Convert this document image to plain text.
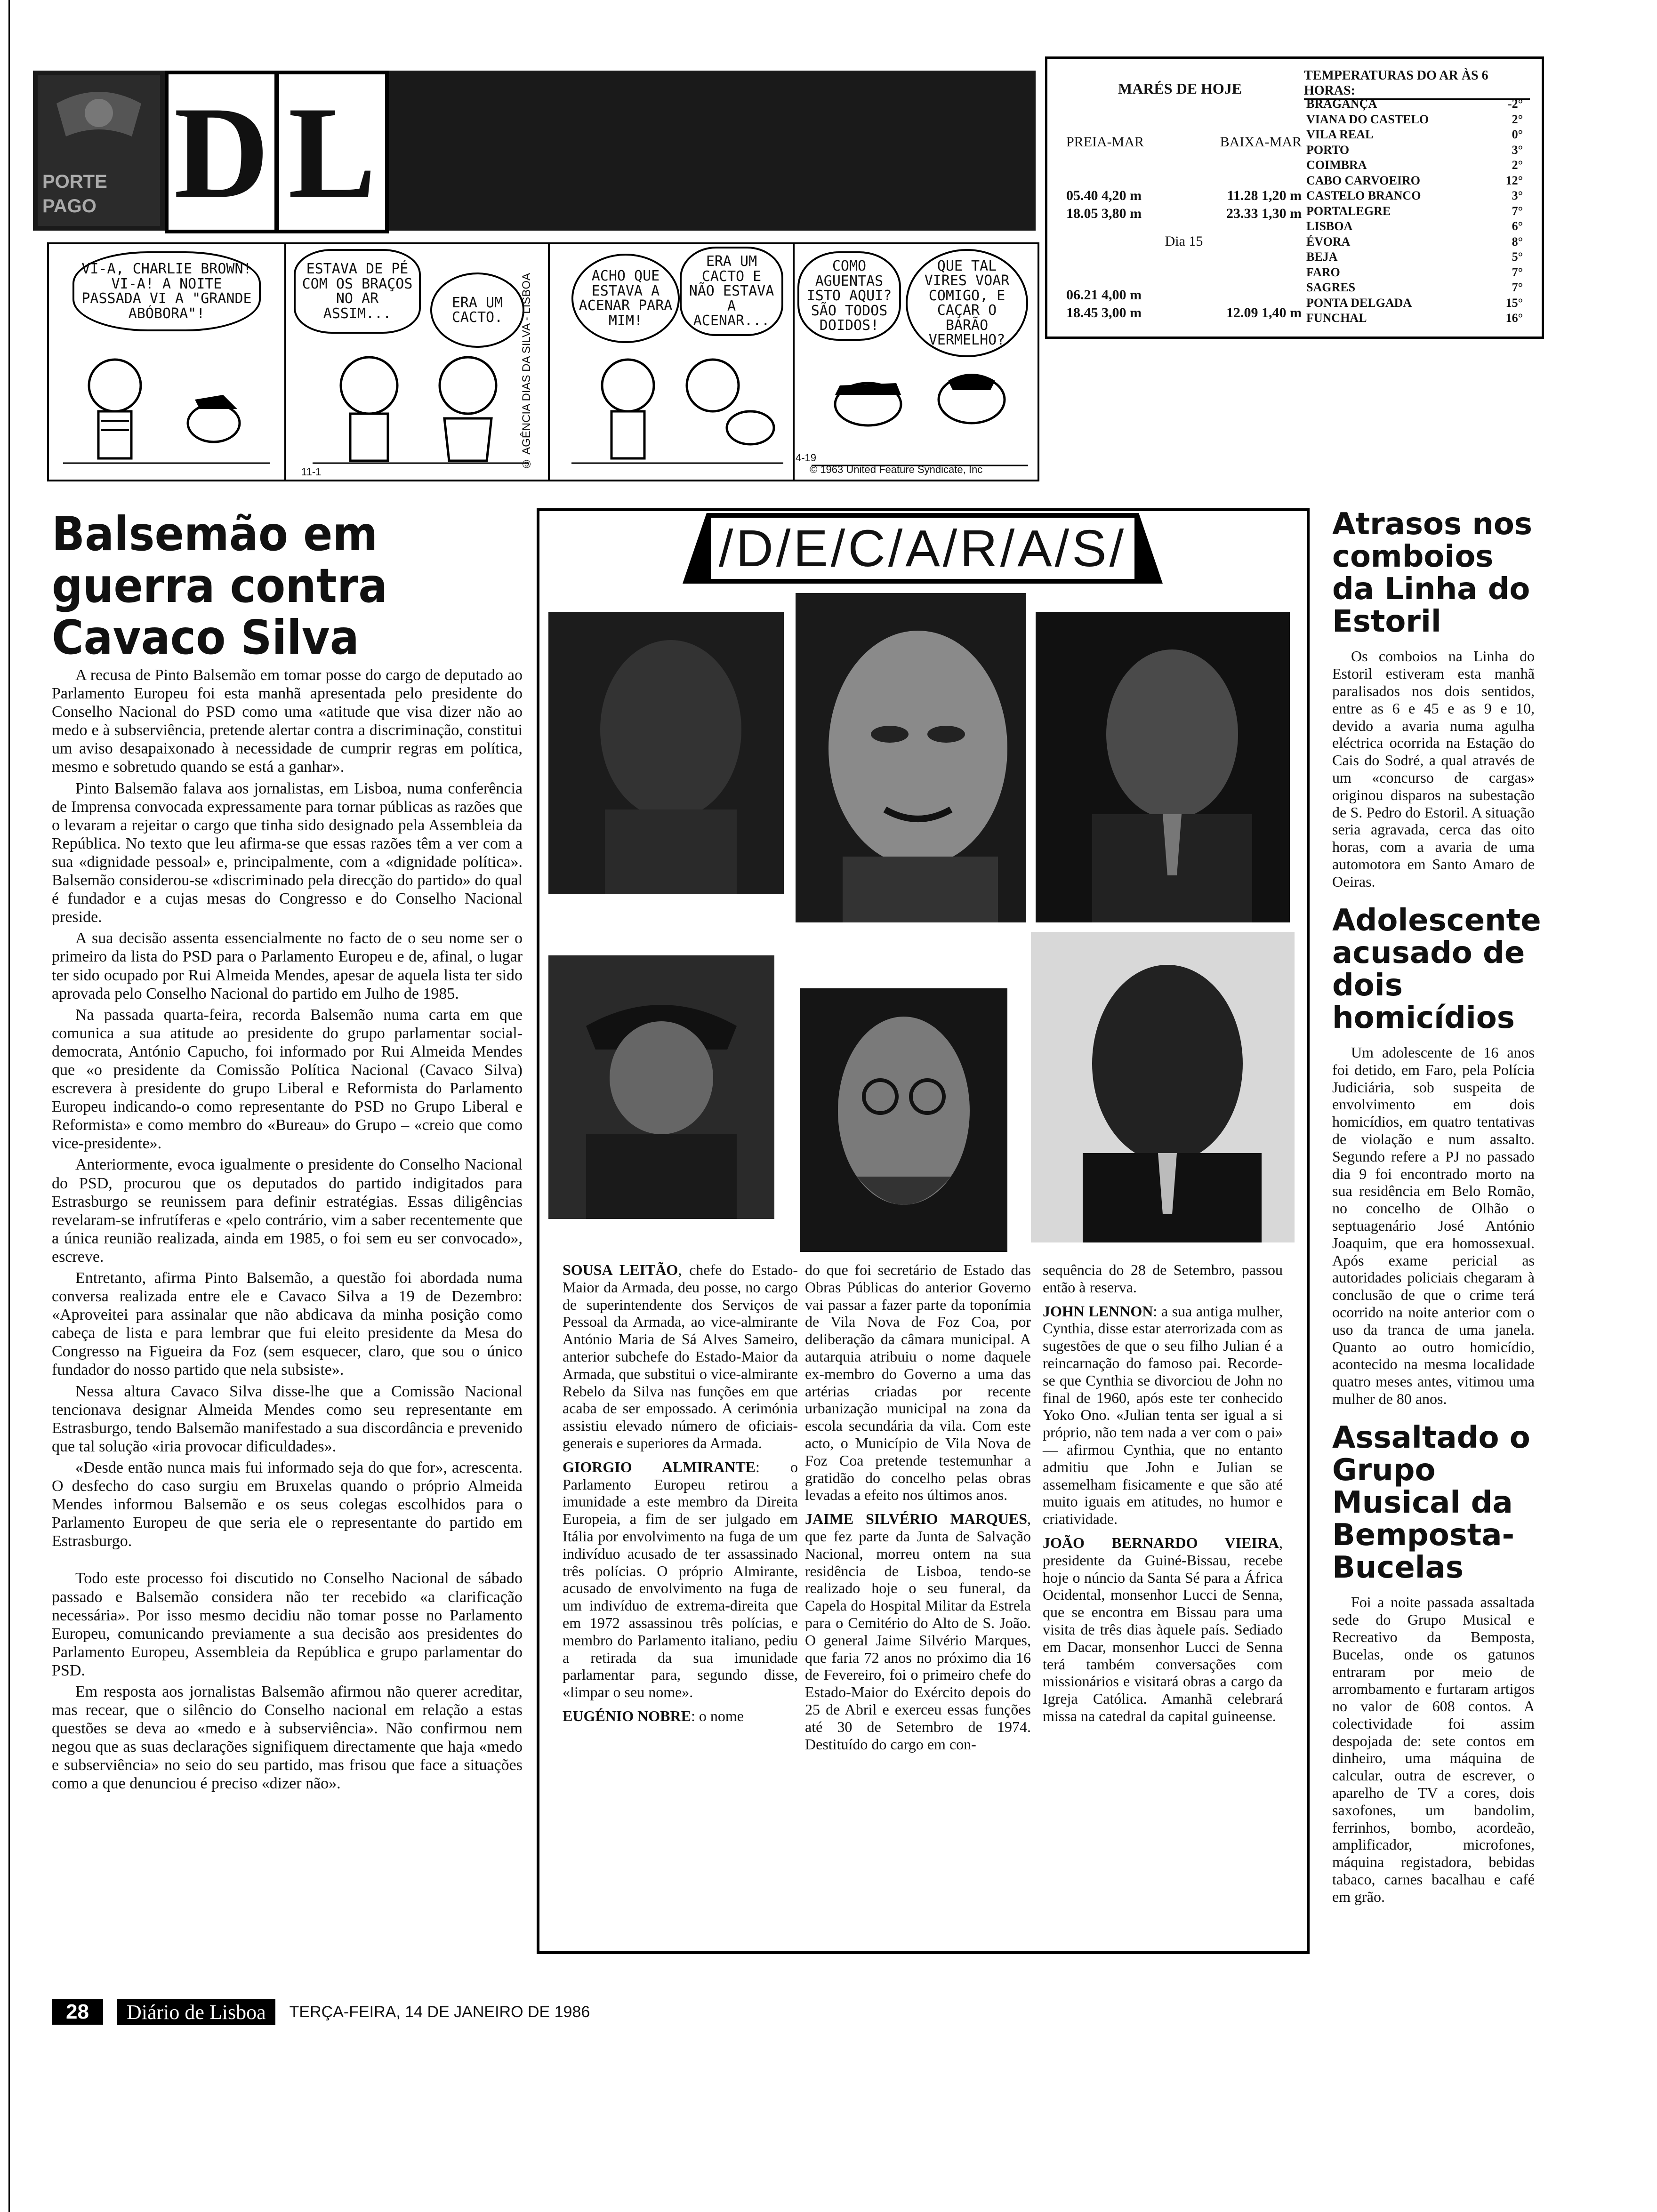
PORTE
PAGO D L
VI-A, CHARLIE BROWN! VI-A! A NOITE PASSADA VI A "GRANDE ABÓBORA"!
ESTAVA DE PÉ COM OS BRAÇOS NO AR ASSIM...
ERA UM CACTO.
ACHO QUE ESTAVA A ACENAR PARA MIM!
ERA UM CACTO E NÃO ESTAVA A ACENAR...
COMO AGUENTAS ISTO AQUI? SÃO TODOS DOIDOS!
QUE TAL VIRES VOAR COMIGO, E CAÇAR O BARÃO VERMELHO?
© AGÊNCIA DIAS DA SILVA - LISBOA	© 1963 United Feature Syndicate, Inc
11-1
4-19
MARÉS DE HOJE
PREIA-MAR	BAIXA-MAR
05.40 4,20 m	11.28 1,20 m
18.05 3,80 m	23.33 1,30 m
Dia 15
06.21 4,00 m
18.45 3,00 m	12.09 1,40 m
TEMPERATURAS DO AR ÀS 6 HORAS:
BRAGANÇA	-2°
VIANA DO CASTELO	2°
VILA REAL	0°
PORTO	3°
COIMBRA	2°
CABO CARVOEIRO	12°
CASTELO BRANCO	3°
PORTALEGRE	7°
LISBOA	6°
ÉVORA	8°
BEJA	5°
FARO	7°
SAGRES	7°
PONTA DELGADA	15°
FUNCHAL	16°
Balsemão em guerra contra Cavaco Silva

A recusa de Pinto Balsemão em tomar posse do cargo de deputado ao Parlamento Europeu foi esta manhã apresentada pelo presidente do Conselho Nacional do PSD como uma «atitude que visa dizer não ao medo e à subserviência, pretende alertar contra a discriminação, constitui um aviso desapaixonado à necessidade de cumprir regras em política, mesmo e sobretudo quando se está a ganhar».

Pinto Balsemão falava aos jornalistas, em Lisboa, numa conferência de Imprensa convocada expressamente para tornar públicas as razões que o levaram a rejeitar o cargo que tinha sido designado pela Assembleia da República. No texto que leu afirma-se que essas razões têm a ver com a sua «dignidade pessoal» e, principalmente, com a «dignidade política». Balsemão considerou-se «discriminado pela direcção do partido» do qual é fundador e a cujas mesas do Congresso e do Conselho Nacional preside.

A sua decisão assenta essencialmente no facto de o seu nome ser o primeiro da lista do PSD para o Parlamento Europeu e de, afinal, o lugar ter sido ocupado por Rui Almeida Mendes, apesar de aquela lista ter sido aprovada pelo Conselho Nacional do partido em Julho de 1985.

Na passada quarta-feira, recorda Balsemão numa carta em que comunica a sua atitude ao presidente do grupo parlamentar social-democrata, António Capucho, foi informado por Rui Almeida Mendes que «o presidente da Comissão Política Nacional (Cavaco Silva) escrevera à presidente do grupo Liberal e Reformista do Parlamento Europeu indicando-o como representante do PSD no Grupo Liberal e Reformista» e como membro do «Bureau» do Grupo – «creio que como vice-presidente».

Anteriormente, evoca igualmente o presidente do Conselho Nacional do PSD, procurou que os deputados do partido indigitados para Estrasburgo se reunissem para definir estratégias. Essas diligências revelaram-se infrutíferas e «pelo contrário, vim a saber recentemente que a única reunião realizada, ainda em 1985, o foi sem eu ser convocado», escreve.

Entretanto, afirma Pinto Balsemão, a questão foi abordada numa conversa realizada entre ele e Cavaco Silva a 19 de Dezembro: «Aproveitei para assinalar que não abdicava da minha posição como cabeça de lista e para lembrar que fui eleito presidente da Mesa do Congresso na Figueira da Foz (sem esquecer, claro, que sou o único fundador do nosso partido que nela subsiste».

Nessa altura Cavaco Silva disse-lhe que a Comissão Nacional tencionava designar Almeida Mendes como seu representante em Estrasburgo, tendo Balsemão manifestado a sua discordância e prevenido que tal solução «iria provocar dificuldades».

«Desde então nunca mais fui informado seja do que for», acrescenta. O desfecho do caso surgiu em Bruxelas quando o próprio Almeida Mendes informou Balsemão e os seus colegas escolhidos para o Parlamento Europeu de que seria ele o representante do partido em Estrasburgo.

Todo este processo foi discutido no Conselho Nacional de sábado passado e Balsemão considera não ter recebido «a clarificação necessária». Por isso mesmo decidiu não tomar posse no Parlamento Europeu, comunicando previamente a sua decisão aos presidentes do Parlamento Europeu, Assembleia da República e grupo parlamentar do PSD.

Em resposta aos jornalistas Balsemão afirmou não querer acreditar, mas recear, que o silêncio do Conselho nacional em relação a estas questões se deva ao «medo e à subserviência». Não confirmou nem negou que as suas declarações signifiquem directamente que haja «medo e subserviência» no seio do seu partido, mas frisou que face a situações como a que denunciou é preciso «dizer não».

/D/E/C/A/R/A/S/

SOUSA LEITÃO, chefe do Estado-Maior da Armada, deu posse, no cargo de superintendente dos Serviços de Pessoal da Armada, ao vice-almirante António Maria de Sá Alves Sameiro, anterior subchefe do Estado-Maior da Armada, que substitui o vice-almirante Rebelo da Silva nas funções em que acaba de ser empossado. A cerimónia assistiu elevado número de oficiais-generais e superiores da Armada.

GIORGIO ALMIRANTE: o Parlamento Europeu retirou a imunidade a este membro da Direita Europeia, a fim de ser julgado em Itália por envolvimento na fuga de um indivíduo acusado de ter assassinado três polícias. O próprio Almirante, acusado de envolvimento na fuga de um indivíduo de extrema-direita que em 1972 assassinou três polícias, e membro do Parlamento italiano, pediu a retirada da sua imunidade parlamentar para, segundo disse, «limpar o seu nome».

EUGÉNIO NOBRE: o nome

do que foi secretário de Estado das Obras Públicas do anterior Governo vai passar a fazer parte da toponímia de Vila Nova de Foz Coa, por deliberação da câmara municipal. A autarquia atribuiu o nome daquele ex-membro do Governo a uma das artérias criadas por recente urbanização municipal na zona da escola secundária da vila. Com este acto, o Município de Vila Nova de Foz Coa pretende testemunhar a gratidão do concelho pelas obras levadas a efeito nos últimos anos.

JAIME SILVÉRIO MARQUES, que fez parte da Junta de Salvação Nacional, morreu ontem na sua residência de Lisboa, tendo-se realizado hoje o seu funeral, da Capela do Hospital Militar da Estrela para o Cemitério do Alto de S. João. O general Jaime Silvério Marques, que faria 72 anos no próximo dia 16 de Fevereiro, foi o primeiro chefe do Estado-Maior do Exército depois do 25 de Abril e exerceu essas funções até 30 de Setembro de 1974. Destituído do cargo em con-

sequência do 28 de Setembro, passou então à reserva.

JOHN LENNON: a sua antiga mulher, Cynthia, disse estar aterrorizada com as sugestões de que o seu filho Julian é a reincarnação do famoso pai. Recorde-se que Cynthia se divorciou de John no final de 1960, após este ter conhecido Yoko Ono. «Julian tenta ser igual a si próprio, não tem nada a ver com o pai» — afirmou Cynthia, que no entanto admitiu que John e Julian se assemelham fisicamente e que são até muito iguais em atitudes, no humor e criatividade.

JOÃO BERNARDO VIEIRA, presidente da Guiné-Bissau, recebe hoje o núncio da Santa Sé para a África Ocidental, monsenhor Lucci de Senna, que se encontra em Bissau para uma visita de três dias àquele país. Sediado em Dacar, monsenhor Lucci de Senna terá também conversações com missionários e visitará obras a cargo da Igreja Católica. Amanhã celebrará missa na catedral da capital guineense.

Atrasos nos comboios da Linha do Estoril
Os comboios na Linha do Estoril estiveram esta manhã paralisados nos dois sentidos, entre as 6 e 45 e as 9 e 10, devido a avaria numa agulha eléctrica ocorrida na Estação do Cais do Sodré, a qual através de um «concurso de cargas» originou disparos na subestação de S. Pedro do Estoril. A situação seria agravada, cerca das oito horas, com a avaria de uma automotora em Santo Amaro de Oeiras.
Adolescente acusado de dois homicídios
Um adolescente de 16 anos foi detido, em Faro, pela Polícia Judiciária, sob suspeita de envolvimento em dois homicídios, em quatro tentativas de violação e num assalto. Segundo refere a PJ no passado dia 9 foi encontrado morto na sua residência em Belo Romão, no concelho de Olhão o septuagenário José António Joaquim, que era homossexual. Após exame pericial as autoridades policiais chegaram à conclusão de que o crime terá ocorrido na noite anterior com o uso da tranca de uma janela. Quanto ao outro homicídio, acontecido na mesma localidade quatro meses antes, vitimou uma mulher de 80 anos.
Assaltado o Grupo Musical da Bemposta-Bucelas
Foi a noite passada assaltada sede do Grupo Musical e Recreativo da Bemposta, Bucelas, onde os gatunos entraram por meio de arrombamento e furtaram artigos no valor de 608 contos. A colectividade foi assim despojada de: sete contos em dinheiro, uma máquina de calcular, outra de escrever, o aparelho de TV a cores, dois saxofones, um bandolim, ferrinhos, bombo, acordeão, amplificador, microfones, máquina registadora, bebidas tabaco, carnes bacalhau e café em grão.
28	Diário de Lisboa	TERÇA-FEIRA, 14 DE JANEIRO DE 1986
